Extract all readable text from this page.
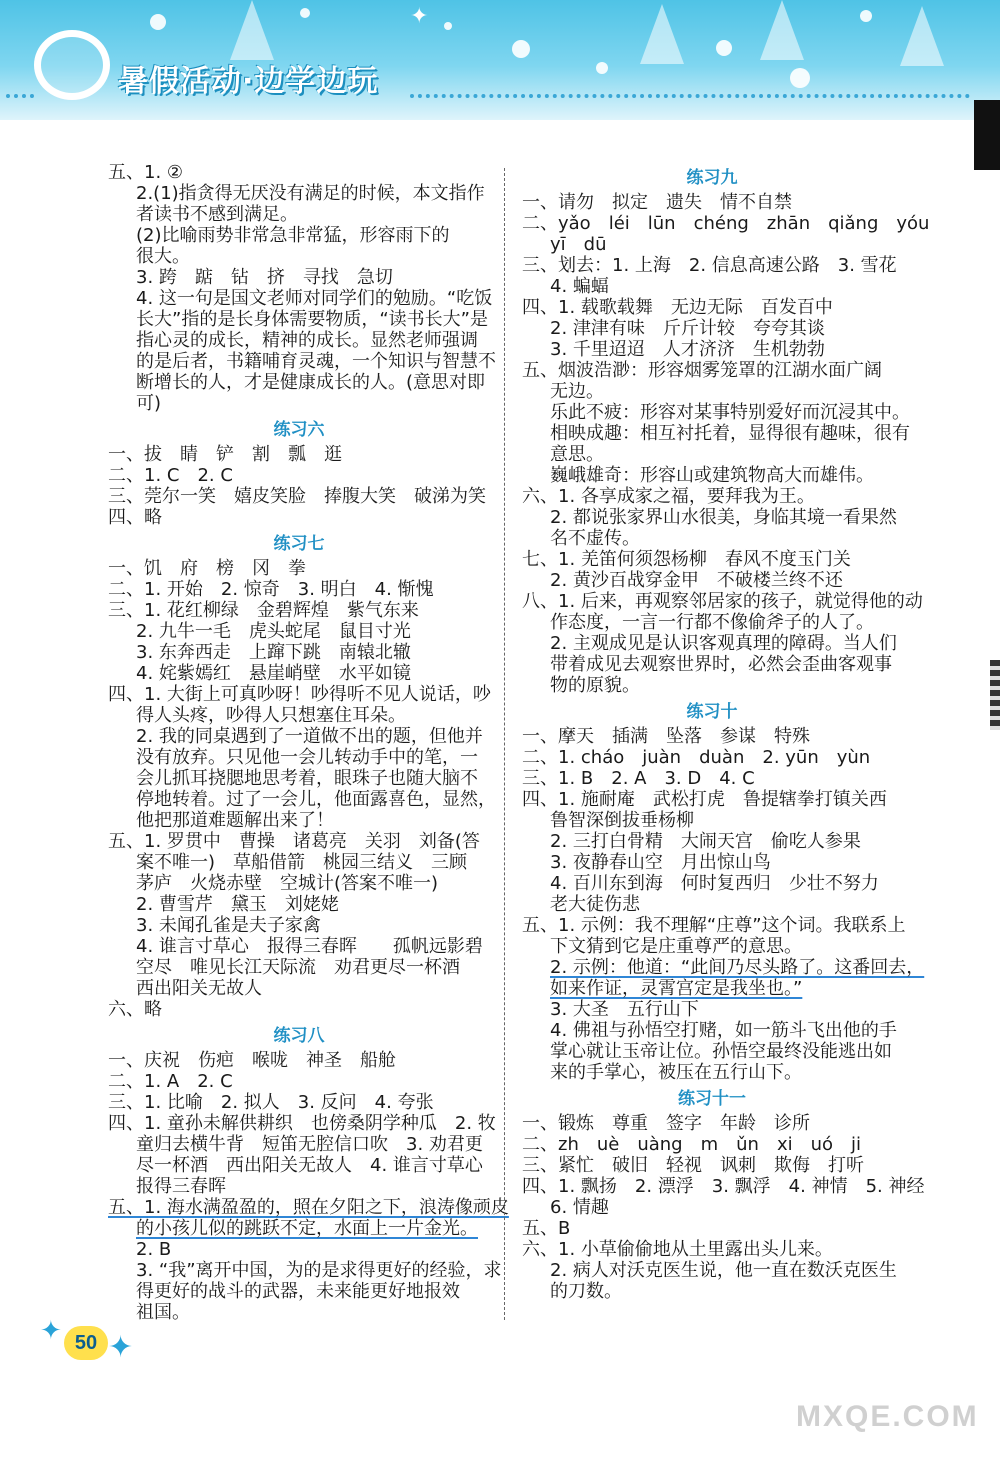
✦
暑假活动·边学边玩
五、1. ②
2.(1)指贪得无厌没有满足的时候，本文指作
者读书不感到满足。
(2)比喻雨势非常急非常猛，形容雨下的
很大。
3. 跨　踮　钻　挤　寻找　急切
4. 这一句是国文老师对同学们的勉励。“吃饭
长大”指的是长身体需要物质，“读书长大”是
指心灵的成长，精神的成长。显然老师强调
的是后者，书籍哺育灵魂，一个知识与智慧不
断增长的人，才是健康成长的人。(意思对即
可)
练习六
一、拔　睛　铲　割　瓢　逛
二、1. C　2. C
三、莞尔一笑　嬉皮笑脸　捧腹大笑　破涕为笑
四、略
练习七
一、饥　府　榜　冈　拳
二、1. 开始　2. 惊奇　3. 明白　4. 惭愧
三、1. 花红柳绿　金碧辉煌　紫气东来
2. 九牛一毛　虎头蛇尾　鼠目寸光
3. 东奔西走　上蹿下跳　南辕北辙
4. 姹紫嫣红　悬崖峭壁　水平如镜
四、1. 大街上可真吵呀！吵得听不见人说话，吵
得人头疼，吵得人只想塞住耳朵。
2. 我的同桌遇到了一道做不出的题，但他并
没有放弃。只见他一会儿转动手中的笔，一
会儿抓耳挠腮地思考着，眼珠子也随大脑不
停地转着。过了一会儿，他面露喜色，显然，
他把那道难题解出来了！
五、1. 罗贯中　曹操　诸葛亮　关羽　刘备(答
案不唯一)　草船借箭　桃园三结义　三顾
茅庐　火烧赤壁　空城计(答案不唯一)
2. 曹雪芹　黛玉　刘姥姥
3. 未闻孔雀是夫子家禽
4. 谁言寸草心　报得三春晖　　孤帆远影碧
空尽　唯见长江天际流　劝君更尽一杯酒
西出阳关无故人
六、略
练习八
一、庆祝　伤疤　喉咙　神圣　船舱
二、1. A　2. C
三、1. 比喻　2. 拟人　3. 反问　4. 夸张
四、1. 童孙未解供耕织　也傍桑阴学种瓜　2. 牧
童归去横牛背　短笛无腔信口吹　3. 劝君更
尽一杯酒　西出阳关无故人　4. 谁言寸草心
报得三春晖
五、1. 海水满盈盈的，照在夕阳之下，浪涛像顽皮
的小孩儿似的跳跃不定，水面上一片金光。
2. B
3. “我”离开中国，为的是求得更好的经验，求
得更好的战斗的武器，未来能更好地报效
祖国。
练习九
一、请勿　拟定　遗失　情不自禁
二、yǎo　léi　lūn　chéng　zhān　qiǎng　yóu
yī　dū
三、划去：1. 上海　2. 信息高速公路　3. 雪花
4. 蝙蝠
四、1. 载歌载舞　无边无际　百发百中
2. 津津有味　斤斤计较　夸夸其谈
3. 千里迢迢　人才济济　生机勃勃
五、烟波浩渺：形容烟雾笼罩的江湖水面广阔
无边。
乐此不疲：形容对某事特别爱好而沉浸其中。
相映成趣：相互衬托着，显得很有趣味，很有
意思。
巍峨雄奇：形容山或建筑物高大而雄伟。
六、1. 各享成家之福，要拜我为王。
2. 都说张家界山水很美，身临其境一看果然
名不虚传。
七、1. 羌笛何须怨杨柳　春风不度玉门关
2. 黄沙百战穿金甲　不破楼兰终不还
八、1. 后来，再观察邻居家的孩子，就觉得他的动
作态度，一言一行都不像偷斧子的人了。
2. 主观成见是认识客观真理的障碍。当人们
带着成见去观察世界时，必然会歪曲客观事
物的原貌。
练习十
一、摩天　插满　坠落　参谋　特殊
二、1. cháo　juàn　duàn　2. yūn　yùn
三、1. B　2. A　3. D　4. C
四、1. 施耐庵　武松打虎　鲁提辖拳打镇关西
鲁智深倒拔垂杨柳
2. 三打白骨精　大闹天宫　偷吃人参果
3. 夜静春山空　月出惊山鸟
4. 百川东到海　何时复西归　少壮不努力
老大徒伤悲
五、1. 示例：我不理解“庄尊”这个词。我联系上
下文猜到它是庄重尊严的意思。
2. 示例：他道：“此间乃尽头路了。这番回去，
如来作证，灵霄宫定是我坐也。”
3. 大圣　五行山下
4. 佛祖与孙悟空打赌，如一筋斗飞出他的手
掌心就让玉帝让位。孙悟空最终没能逃出如
来的手掌心，被压在五行山下。
练习十一
一、锻炼　尊重　签字　年龄　诊所
二、zh　uè　uàng　m　ǔn　xi　uó　ji
三、紧忙　破旧　轻视　讽刺　欺侮　打听
四、1. 飘扬　2. 漂浮　3. 飘浮　4. 神情　5. 神经
6. 情趣
五、B
六、1. 小草偷偷地从土里露出头儿来。
2. 病人对沃克医生说，他一直在数沃克医生
的刀数。
✦ ✦
50
MXQE.COM
